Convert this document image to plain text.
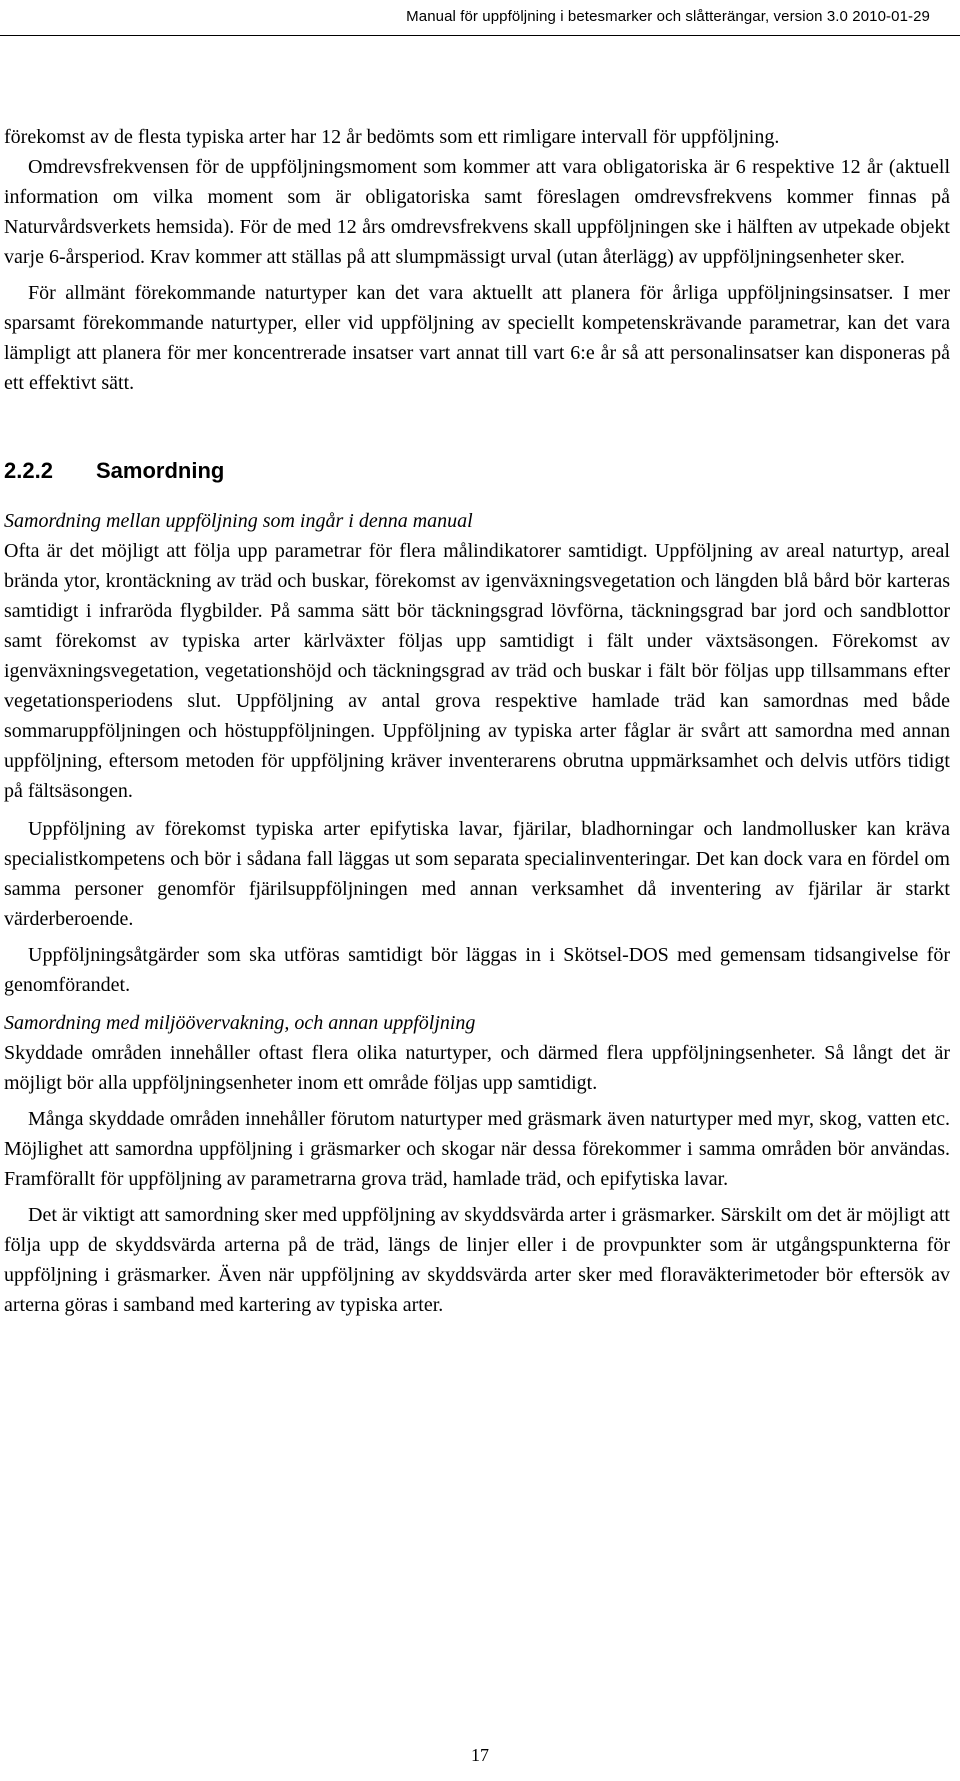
Manual för uppföljning i betesmarker och slåtterängar, version 3.0 2010-01-29

förekomst av de flesta typiska arter har 12 år bedömts som ett rimligare intervall för uppföljning.

Omdrevsfrekvensen för de uppföljningsmoment som kommer att vara obligatoriska är 6 respektive 12 år (aktuell information om vilka moment som är obligatoriska samt föreslagen omdrevsfrekvens kommer finnas på Naturvårdsverkets hemsida). För de med 12 års omdrevsfrekvens skall uppföljningen ske i hälften av utpekade objekt varje 6-årsperiod. Krav kommer att ställas på att slumpmässigt urval (utan återlägg) av uppföljningsenheter sker.

För allmänt förekommande naturtyper kan det vara aktuellt att planera för årliga uppföljningsinsatser. I mer sparsamt förekommande naturtyper, eller vid uppföljning av speciellt kompetenskrävande parametrar, kan det vara lämpligt att planera för mer koncentrerade insatser vart annat till vart 6:e år så att personalinsatser kan disponeras på ett effektivt sätt.

2.2.2 Samordning

Samordning mellan uppföljning som ingår i denna manual

Ofta är det möjligt att följa upp parametrar för flera målindikatorer samtidigt. Uppföljning av areal naturtyp, areal brända ytor, krontäckning av träd och buskar, förekomst av igenväxningsvegetation och längden blå bård bör karteras samtidigt i infraröda flygbilder. På samma sätt bör täckningsgrad lövförna, täckningsgrad bar jord och sandblottor samt förekomst av typiska arter kärlväxter följas upp samtidigt i fält under växtsäsongen. Förekomst av igenväxningsvegetation, vegetationshöjd och täckningsgrad av träd och buskar i fält bör följas upp tillsammans efter vegetationsperiodens slut. Uppföljning av antal grova respektive hamlade träd kan samordnas med både sommaruppföljningen och höstuppföljningen. Uppföljning av typiska arter fåglar är svårt att samordna med annan uppföljning, eftersom metoden för uppföljning kräver inventerarens obrutna uppmärksamhet och delvis utförs tidigt på fältsäsongen.

Uppföljning av förekomst typiska arter epifytiska lavar, fjärilar, bladhorningar och landmollusker kan kräva specialistkompetens och bör i sådana fall läggas ut som separata specialinventeringar. Det kan dock vara en fördel om samma personer genomför fjärilsuppföljningen med annan verksamhet då inventering av fjärilar är starkt värderberoende.

Uppföljningsåtgärder som ska utföras samtidigt bör läggas in i Skötsel-DOS med gemensam tidsangivelse för genomförandet.

Samordning med miljöövervakning, och annan uppföljning

Skyddade områden innehåller oftast flera olika naturtyper, och därmed flera uppföljningsenheter. Så långt det är möjligt bör alla uppföljningsenheter inom ett område följas upp samtidigt.

Många skyddade områden innehåller förutom naturtyper med gräsmark även naturtyper med myr, skog, vatten etc. Möjlighet att samordna uppföljning i gräsmarker och skogar när dessa förekommer i samma områden bör användas. Framförallt för uppföljning av parametrarna grova träd, hamlade träd, och epifytiska lavar.

Det är viktigt att samordning sker med uppföljning av skyddsvärda arter i gräsmarker. Särskilt om det är möjligt att följa upp de skyddsvärda arterna på de träd, längs de linjer eller i de provpunkter som är utgångspunkterna för uppföljning i gräsmarker. Även när uppföljning av skyddsvärda arter sker med floraväkterimetoder bör eftersök av arterna göras i samband med kartering av typiska arter.

17
